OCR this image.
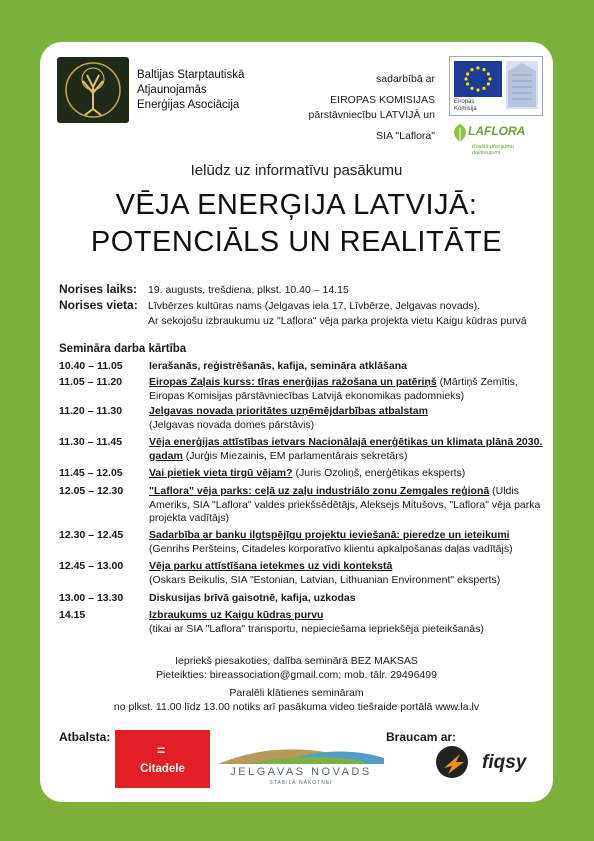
Baltijas Starptautiskā
Atjaunojamās
Enerģijas Asociācija
sadarbībā ar
EIROPAS KOMISIJAS
pārstāvniecību LATVIJĀ un
SIA "Laflora"
Eiropas
Komisija
LAFLORA
Kvalitā prasijumu dalrkaujumi
Ielūdz uz informatīvu pasākumu
VĒJA ENERĢIJA LATVIJĀ:
POTENCIĀLS UN REALITĀTE
Norises laiks: 19. augusts, trešdiena, plkst. 10.40 – 14.15
Norises vieta: Līvbērzes kultūras nams (Jelgavas iela 17, Līvbērze, Jelgavas novads).
Ar sekojošu izbraukumu uz "Laflora" vēja parka projekta vietu Kaigu kūdras purvā
Semināra darba kārtība
10.40 – 11.05	Ierašanās, reģistrēšanās, kafija, semināra atklāšana
11.05 – 11.20	Eiropas Zaļais kurss: tīras enerģijas ražošana un patēriņš (Mārtiņš Zemītis, Eiropas Komisijas pārstāvniecības Latvijā ekonomikas padomnieks)
11.20 – 11.30	Jelgavas novada prioritātes uzņēmējdarbības atbalstam
(Jelgavas novada domes pārstāvis)
11.30 – 11.45	Vēja enerģijas attīstības ietvars Nacionālajā enerģētikas un klimata plānā 2030. gadam (Jurģis Miezainis, EM parlamentārais sekretārs)
11.45 – 12.05	Vai pietiek vieta tirgū vējam? (Juris Ozoliņš, enerģētikas eksperts)
12.05 – 12.30	"Laflora" vēja parks: ceļā uz zaļu industriālo zonu Zemgales reģionā (Uldis Ameriks, SIA "Laflora" valdes priekšsēdētājs, Aleksejs Mitušovs, "Laflora" vēja parka projekta vadītājs)
12.30 – 12.45	Sadarbība ar banku ilgtspējīgu projektu ieviešanā: pieredze un ieteikumi (Genrihs Peršteins, Citadeles korporatīvo klientu apkalpošanas daļas vadītājs)
12.45 – 13.00	Vēja parku attīstīšana ietekmes uz vidi kontekstā
(Oskars Beikulis, SIA "Estonian, Latvian, Lithuanian Environment" eksperts)
13.00 – 13.30	Diskusijas brīvā gaisotnē, kafija, uzkodas
14.15	Izbraukums uz Kaigu kūdras purvu
(tikai ar SIA "Laflora" transportu, nepieciešama iepriekšēja pieteikšanās)
Iepriekš piesakoties, dalība seminārā BEZ MAKSAS
Pieteikties: bireassociation@gmail.com; mob. tālr. 29496499
Paralēli klātienes semināram
no plkst. 11.00 līdz 13.00 notiks arī pasākuma video tiešraide portālā www.la.lv
Atbalsta:
=
Citadele	JELGAVAS NOVADS
STABILĀ NĀKOTNEI
Braucam ar:
fiqsy
